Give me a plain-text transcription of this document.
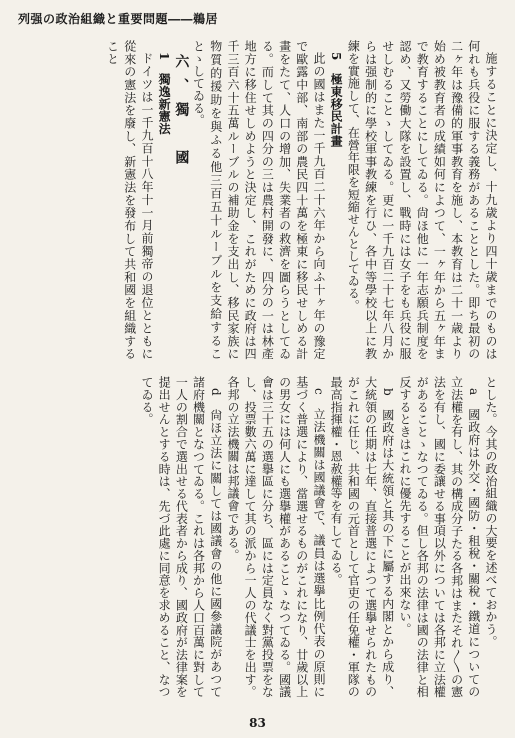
列强の政治組織と重要問題――鵜居

施することに決定し、十九歳より四十歳までのものは何れも兵役に服する義務があることとした。即ち最初の二ヶ年は豫備的軍事教育を施し、本教育は二十一歳より始め被教育者の成績如何によつて、一ヶ年から五ヶ年まで教育することにしてゐる。尙ほ他に一年志願兵制度を認め、又勞働大隊を設置し、戰時には女子をも兵役に服せしむることゝしてゐる。更に一千九百二十七年八月からは强制的に學校軍事教練を行ひ、各中等學校以上に教練を實施して、在營年限を短縮せんとしてゐる。

5　極東移民計畫

此の國はまた一千九百二十六年から向ふ十ヶ年の豫定で歐露中部、南部の農民四十萬を極東に移民せしめる計畫をたて、人口の增加、失業者の救濟を圖らうとしてゐる。而して其の四分の三は農村開發に、四分の一は林產地方に移住せしめようと決定し、これがために政府は四千三百六十五萬ルーブルの補助金を支出し、移民家族に物質的援助を與ふる他三百五十ルーブルを支給することゝしてゐる。

六、獨　國

1　獨逸新憲法

ドイツは一千九百十八年十一月前獨帝の退位とともに從來の憲法を廢し、新憲法を發布して共和國を組織すること

とした。今其の政治組織の大要を述べておかう。

a　國政府は外交・國防・租稅・關稅・鐵道についての立法權を有し、其の構成分子たる各邦はまたそれ〳〵の憲法を有し、國に委讓せる事項以外については各邦に立法權があることゝなつてゐる。但し各邦の法律は國の法律と相反するときはこれに優先することが出來ない。

b　國政府は大統領と其の下に屬する内閣とから成り、大統領の任期は七年、直接普選によつて選擧せられたものがこれに任じ、共和國の元首として官吏の任免權・軍隊の最高指揮權・恩赦權等を有してゐる。

c　立法機關は國議會で、議員は選擧比例代表の原則に基づく普選により、當選せるものがこれになり、廿歲以上の男女には何人にも選擧權があることゝなつてゐる。國議會は三十五の選擧區に分ち、區には定員なく對黨投票をなし、投票數六萬に達して其の派から一人の代議士を出す。各邦の立法機關は邦議會である。

d　尙ほ立法に關しては國議會の他に國參議院があつて諸府機關となつてゐる。これは各邦から人口百萬に對して一人の割合で選出せる代表者から成り、國政府が法律案を提出せんとする時は、先づ此處に同意を求めること、なつてゐる。

83
